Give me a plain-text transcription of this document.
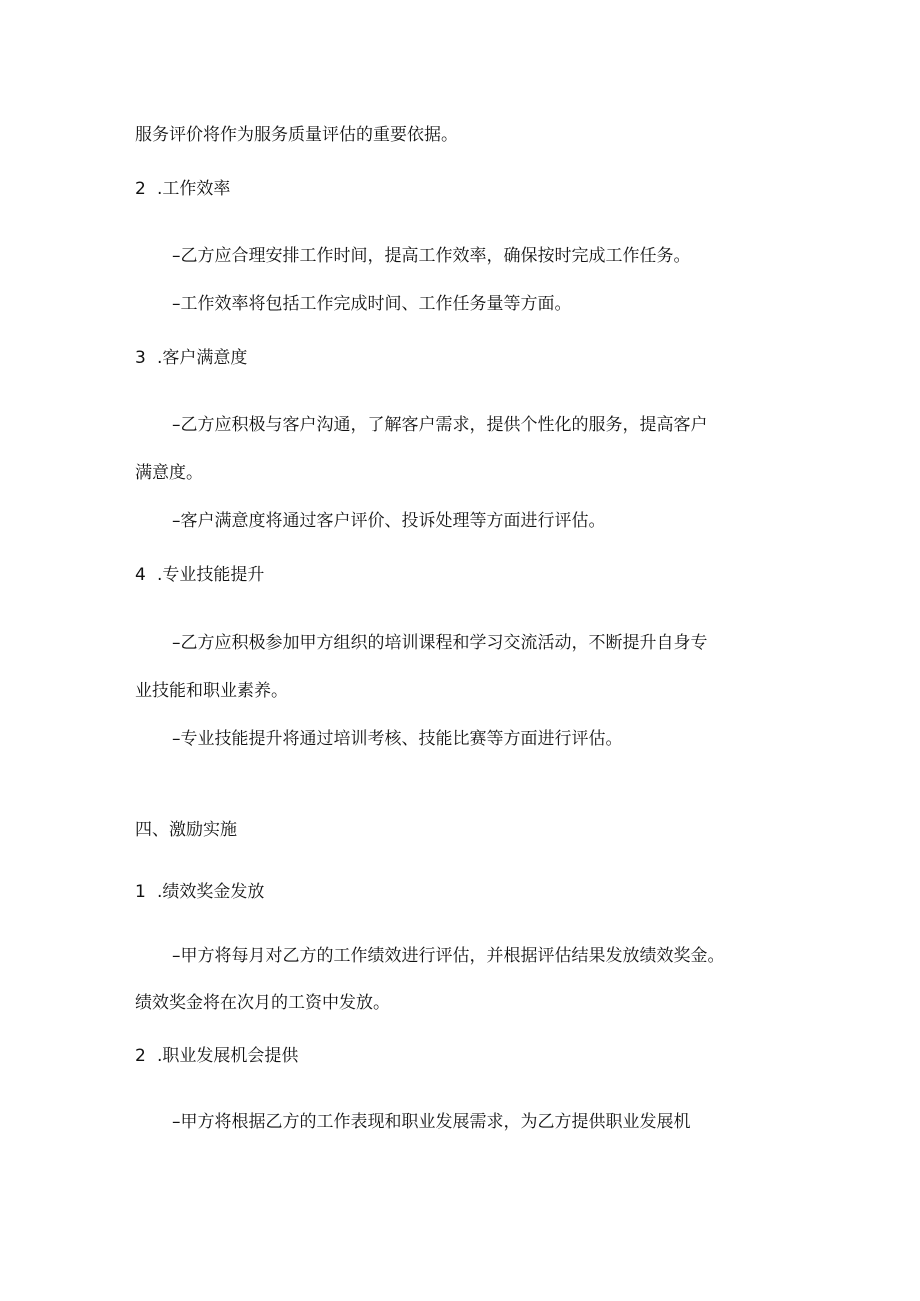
服务评价将作为服务质量评估的重要依据。
2 .工作效率
–乙方应合理安排工作时间，提高工作效率，确保按时完成工作任务。
–工作效率将包括工作完成时间、工作任务量等方面。
3 .客户满意度
–乙方应积极与客户沟通，了解客户需求，提供个性化的服务，提高客户
满意度。
–客户满意度将通过客户评价、投诉处理等方面进行评估。
4 .专业技能提升
–乙方应积极参加甲方组织的培训课程和学习交流活动，不断提升自身专
业技能和职业素养。
–专业技能提升将通过培训考核、技能比赛等方面进行评估。
四、激励实施
1 .绩效奖金发放
–甲方将每月对乙方的工作绩效进行评估，并根据评估结果发放绩效奖金。
绩效奖金将在次月的工资中发放。
2 .职业发展机会提供
–甲方将根据乙方的工作表现和职业发展需求，为乙方提供职业发展机
